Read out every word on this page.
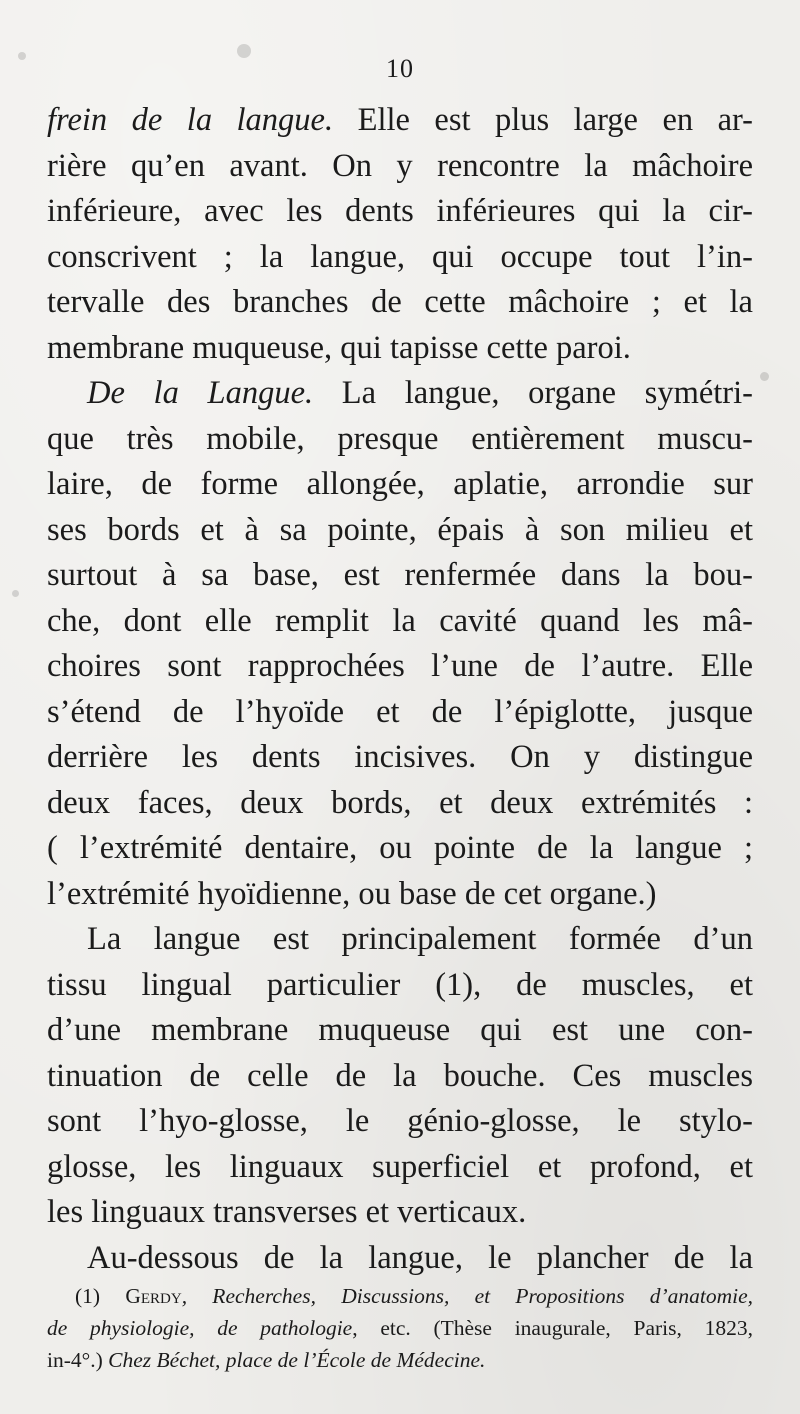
10
frein de la langue. Elle est plus large en ar-
rière qu’en avant. On y rencontre la mâchoire
inférieure, avec les dents inférieures qui la cir-
conscrivent ; la langue, qui occupe tout l’in-
tervalle des branches de cette mâchoire ; et la
membrane muqueuse, qui tapisse cette paroi.
De la Langue. La langue, organe symétri-
que très mobile, presque entièrement muscu-
laire, de forme allongée, aplatie, arrondie sur
ses bords et à sa pointe, épais à son milieu et
surtout à sa base, est renfermée dans la bou-
che, dont elle remplit la cavité quand les mâ-
choires sont rapprochées l’une de l’autre. Elle
s’étend de l’hyoïde et de l’épiglotte, jusque
derrière les dents incisives. On y distingue
deux faces, deux bords, et deux extrémités :
( l’extrémité dentaire, ou pointe de la langue ;
l’extrémité hyoïdienne, ou base de cet organe.)
La langue est principalement formée d’un
tissu lingual particulier (1), de muscles, et
d’une membrane muqueuse qui est une con-
tinuation de celle de la bouche. Ces muscles
sont l’hyo-glosse, le génio-glosse, le stylo-
glosse, les linguaux superficiel et profond, et
les linguaux transverses et verticaux.
Au-dessous de la langue, le plancher de la
(1) Gerdy, Recherches, Discussions, et Propositions d’anatomie,
de physiologie, de pathologie, etc. (Thèse inaugurale, Paris, 1823,
in-4°.) Chez Béchet, place de l’École de Médecine.
